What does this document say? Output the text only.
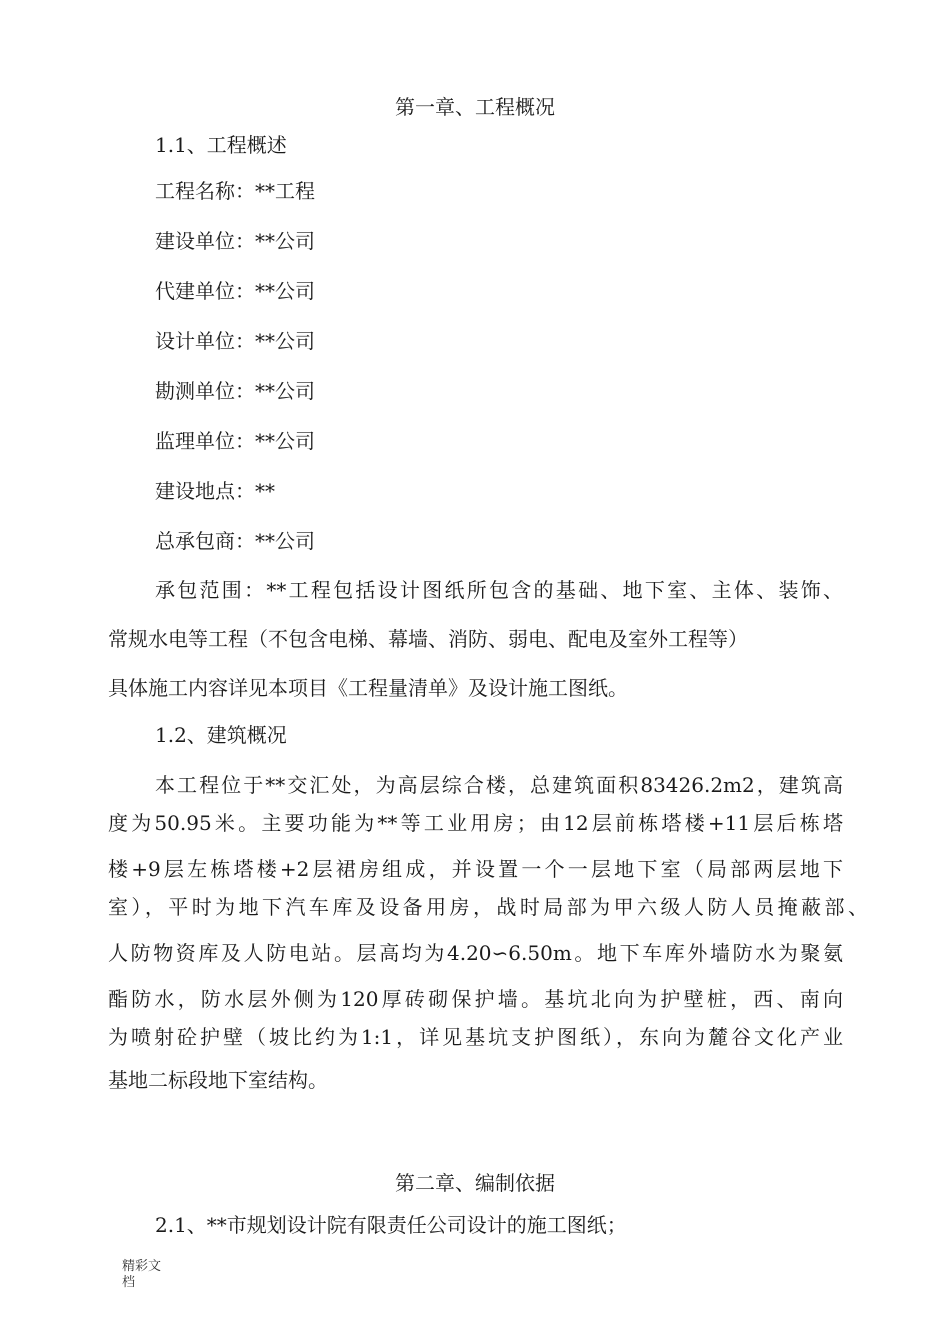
第一章、工程概况
1.1、工程概述
工程名称：**工程
建设单位：**公司
代建单位：**公司
设计单位：**公司
勘测单位：**公司
监理单位：**公司
建设地点：**
总承包商：**公司
承包范围：**工程包括设计图纸所包含的基础、地下室、主体、装饰、
常规水电等工程（不包含电梯、幕墙、消防、弱电、配电及室外工程等）
具体施工内容详见本项目《工程量清单》及设计施工图纸。
1.2、建筑概况
本工程位于**交汇处，为高层综合楼，总建筑面积83426.2m2，建筑高
度为50.95米。主要功能为**等工业用房；由12层前栋塔楼+11层后栋塔
楼+9层左栋塔楼+2层裙房组成，并设置一个一层地下室（局部两层地下
室），平时为地下汽车库及设备用房，战时局部为甲六级人防人员掩蔽部、
人防物资库及人防电站。层高均为4.20∽6.50m。地下车库外墙防水为聚氨
酯防水，防水层外侧为120厚砖砌保护墙。基坑北向为护壁桩，西、南向
为喷射砼护壁（坡比约为1:1，详见基坑支护图纸），东向为麓谷文化产业
基地二标段地下室结构。
第二章、编制依据
2.1、**市规划设计院有限责任公司设计的施工图纸；
精彩文
档
